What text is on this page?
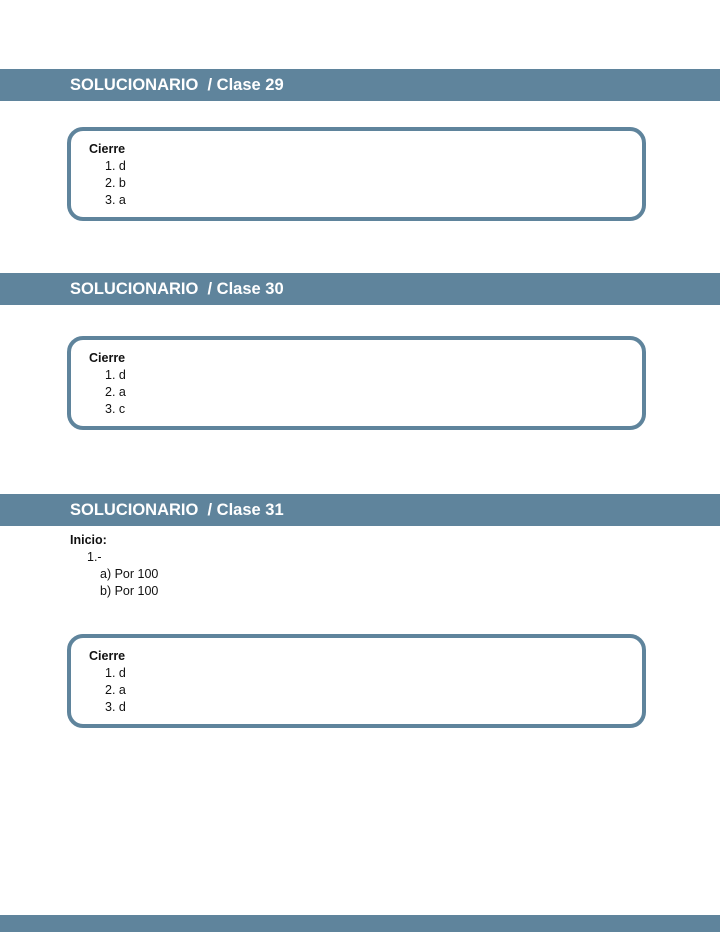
SOLUCIONARIO  / Clase 29
Cierre
1. d
2. b
3. a
SOLUCIONARIO  / Clase 30
Cierre
1. d
2. a
3. c
SOLUCIONARIO  / Clase 31
Inicio:
1.-
a) Por 100
b) Por 100
Cierre
1. d
2. a
3. d
